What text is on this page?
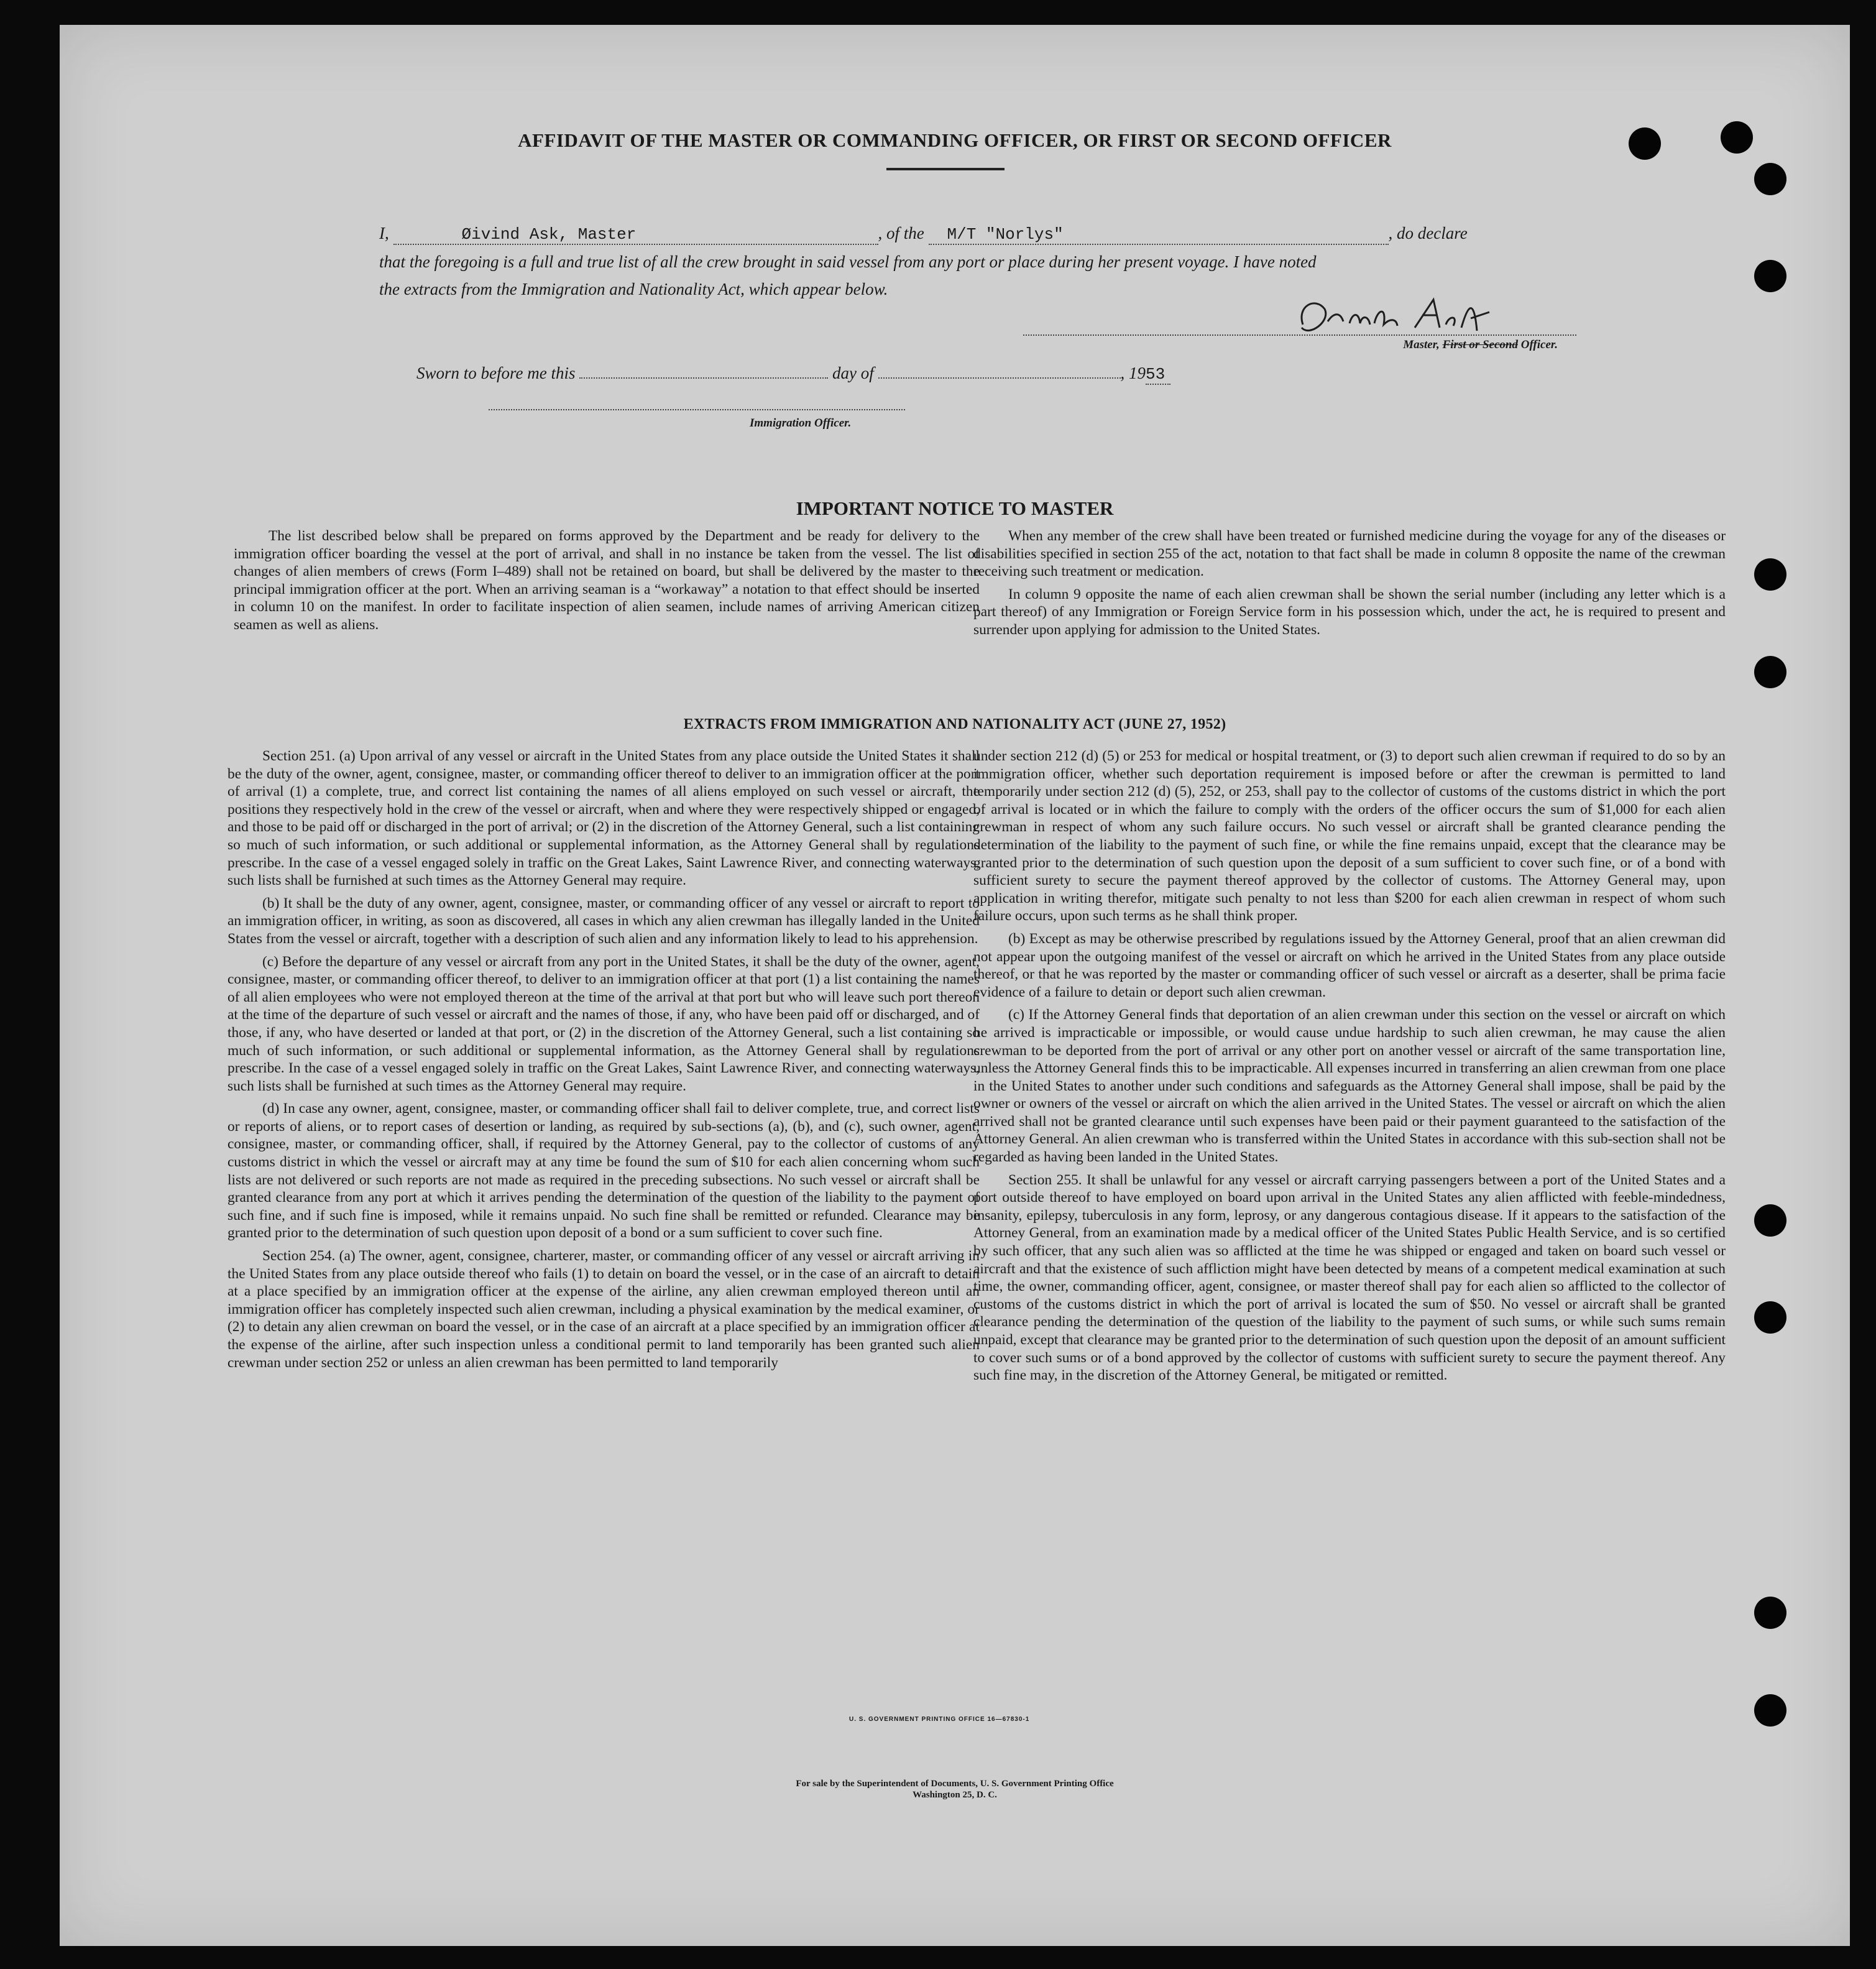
AFFIDAVIT OF THE MASTER OR COMMANDING OFFICER, OR FIRST OR SECOND OFFICER
I,	Øivind Ask, Master	, of the M/T "Norlys"	, do declare
that the foregoing is a full and true list of all the crew brought in said vessel from any port or place during her present voyage. I have noted
the extracts from the Immigration and Nationality Act, which appear below.
Master, First or Second Officer.
Sworn to before me this	day of	, 1953
Immigration Officer.
IMPORTANT NOTICE TO MASTER

The list described below shall be prepared on forms approved by the Department and be ready for delivery to the immigration officer boarding the vessel at the port of arrival, and shall in no instance be taken from the vessel. The list of changes of alien members of crews (Form I–489) shall not be retained on board, but shall be delivered by the master to the principal immigration officer at the port. When an arriving seaman is a “workaway” a notation to that effect should be inserted in column 10 on the manifest. In order to facilitate inspection of alien seamen, include names of arriving American citizen seamen as well as aliens.

When any member of the crew shall have been treated or furnished medicine during the voyage for any of the diseases or disabilities specified in section 255 of the act, notation to that fact shall be made in column 8 opposite the name of the crewman receiving such treatment or medication.

In column 9 opposite the name of each alien crewman shall be shown the serial number (including any letter which is a part thereof) of any Immigration or Foreign Service form in his possession which, under the act, he is required to present and surrender upon applying for admission to the United States.

EXTRACTS FROM IMMIGRATION AND NATIONALITY ACT (JUNE 27, 1952)

Section 251. (a) Upon arrival of any vessel or aircraft in the United States from any place outside the United States it shall be the duty of the owner, agent, consignee, master, or commanding officer thereof to deliver to an immigration officer at the port of arrival (1) a complete, true, and correct list containing the names of all aliens employed on such vessel or aircraft, the positions they respectively hold in the crew of the vessel or aircraft, when and where they were respectively shipped or engaged, and those to be paid off or discharged in the port of arrival; or (2) in the discretion of the Attorney General, such a list containing so much of such information, or such additional or supplemental information, as the Attorney General shall by regulations prescribe. In the case of a vessel engaged solely in traffic on the Great Lakes, Saint Lawrence River, and connecting waterways, such lists shall be furnished at such times as the Attorney General may require.

(b) It shall be the duty of any owner, agent, consignee, master, or commanding officer of any vessel or aircraft to report to an immigration officer, in writing, as soon as discovered, all cases in which any alien crewman has illegally landed in the United States from the vessel or aircraft, together with a description of such alien and any information likely to lead to his apprehension.

(c) Before the departure of any vessel or aircraft from any port in the United States, it shall be the duty of the owner, agent, consignee, master, or commanding officer thereof, to deliver to an immigration officer at that port (1) a list containing the names of all alien employees who were not employed thereon at the time of the arrival at that port but who will leave such port thereon at the time of the departure of such vessel or aircraft and the names of those, if any, who have been paid off or discharged, and of those, if any, who have deserted or landed at that port, or (2) in the discretion of the Attorney General, such a list containing so much of such information, or such additional or supplemental information, as the Attorney General shall by regulations prescribe. In the case of a vessel engaged solely in traffic on the Great Lakes, Saint Lawrence River, and connecting waterways, such lists shall be furnished at such times as the Attorney General may require.

(d) In case any owner, agent, consignee, master, or commanding officer shall fail to deliver complete, true, and correct lists or reports of aliens, or to report cases of desertion or landing, as required by sub-sections (a), (b), and (c), such owner, agent, consignee, master, or commanding officer, shall, if required by the Attorney General, pay to the collector of customs of any customs district in which the vessel or aircraft may at any time be found the sum of $10 for each alien concerning whom such lists are not delivered or such reports are not made as required in the preceding subsections. No such vessel or aircraft shall be granted clearance from any port at which it arrives pending the determination of the question of the liability to the payment of such fine, and if such fine is imposed, while it remains unpaid. No such fine shall be remitted or refunded. Clearance may be granted prior to the determination of such question upon deposit of a bond or a sum sufficient to cover such fine.

Section 254. (a) The owner, agent, consignee, charterer, master, or commanding officer of any vessel or aircraft arriving in the United States from any place outside thereof who fails (1) to detain on board the vessel, or in the case of an aircraft to detain at a place specified by an immigration officer at the expense of the airline, any alien crewman employed thereon until an immigration officer has completely inspected such alien crewman, including a physical examination by the medical examiner, or (2) to detain any alien crewman on board the vessel, or in the case of an aircraft at a place specified by an immigration officer at the expense of the airline, after such inspection unless a conditional permit to land temporarily has been granted such alien crewman under section 252 or unless an alien crewman has been permitted to land temporarily

under section 212 (d) (5) or 253 for medical or hospital treatment, or (3) to deport such alien crewman if required to do so by an immigration officer, whether such deportation requirement is imposed before or after the crewman is permitted to land temporarily under section 212 (d) (5), 252, or 253, shall pay to the collector of customs of the customs district in which the port of arrival is located or in which the failure to comply with the orders of the officer occurs the sum of $1,000 for each alien crewman in respect of whom any such failure occurs. No such vessel or aircraft shall be granted clearance pending the determination of the liability to the payment of such fine, or while the fine remains unpaid, except that the clearance may be granted prior to the determination of such question upon the deposit of a sum sufficient to cover such fine, or of a bond with sufficient surety to secure the payment thereof approved by the collector of customs. The Attorney General may, upon application in writing therefor, mitigate such penalty to not less than $200 for each alien crewman in respect of whom such failure occurs, upon such terms as he shall think proper.

(b) Except as may be otherwise prescribed by regulations issued by the Attorney General, proof that an alien crewman did not appear upon the outgoing manifest of the vessel or aircraft on which he arrived in the United States from any place outside thereof, or that he was reported by the master or commanding officer of such vessel or aircraft as a deserter, shall be prima facie evidence of a failure to detain or deport such alien crewman.

(c) If the Attorney General finds that deportation of an alien crewman under this section on the vessel or aircraft on which he arrived is impracticable or impossible, or would cause undue hardship to such alien crewman, he may cause the alien crewman to be deported from the port of arrival or any other port on another vessel or aircraft of the same transportation line, unless the Attorney General finds this to be impracticable. All expenses incurred in transferring an alien crewman from one place in the United States to another under such conditions and safeguards as the Attorney General shall impose, shall be paid by the owner or owners of the vessel or aircraft on which the alien arrived in the United States. The vessel or aircraft on which the alien arrived shall not be granted clearance until such expenses have been paid or their payment guaranteed to the satisfaction of the Attorney General. An alien crewman who is transferred within the United States in accordance with this sub-section shall not be regarded as having been landed in the United States.

Section 255. It shall be unlawful for any vessel or aircraft carrying passengers between a port of the United States and a port outside thereof to have employed on board upon arrival in the United States any alien afflicted with feeble-mindedness, insanity, epilepsy, tuberculosis in any form, leprosy, or any dangerous contagious disease. If it appears to the satisfaction of the Attorney General, from an examination made by a medical officer of the United States Public Health Service, and is so certified by such officer, that any such alien was so afflicted at the time he was shipped or engaged and taken on board such vessel or aircraft and that the existence of such affliction might have been detected by means of a competent medical examination at such time, the owner, commanding officer, agent, consignee, or master thereof shall pay for each alien so afflicted to the collector of customs of the customs district in which the port of arrival is located the sum of $50. No vessel or aircraft shall be granted clearance pending the determination of the question of the liability to the payment of such sums, or while such sums remain unpaid, except that clearance may be granted prior to the determination of such question upon the deposit of an amount sufficient to cover such sums or of a bond approved by the collector of customs with sufficient surety to secure the payment thereof. Any such fine may, in the discretion of the Attorney General, be mitigated or remitted.

U. S. GOVERNMENT PRINTING OFFICE 16—67830-1
For sale by the Superintendent of Documents, U. S. Government Printing Office
Washington 25, D. C.
